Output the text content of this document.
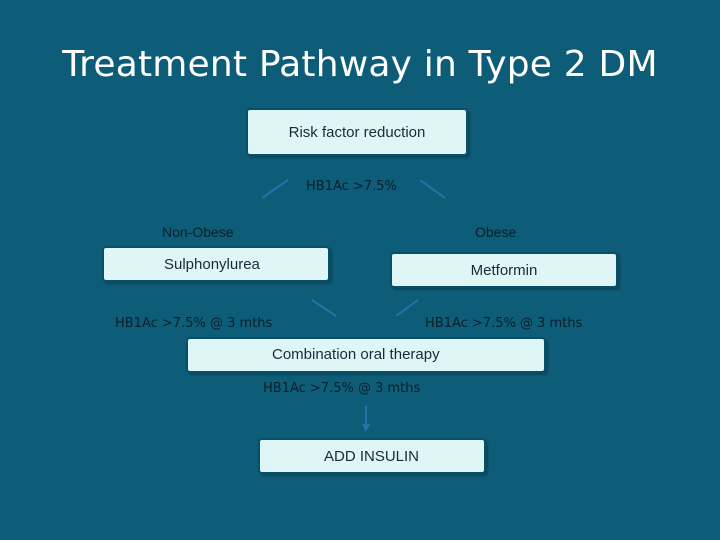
Treatment Pathway in Type 2 DM
Risk factor reduction
HB1Ac >7.5%
Non-Obese	Obese
Sulphonylurea	Metformin
HB1Ac >7.5% @ 3 mths	HB1Ac >7.5% @ 3 mths
Combination oral therapy
HB1Ac >7.5% @ 3 mths
ADD INSULIN
